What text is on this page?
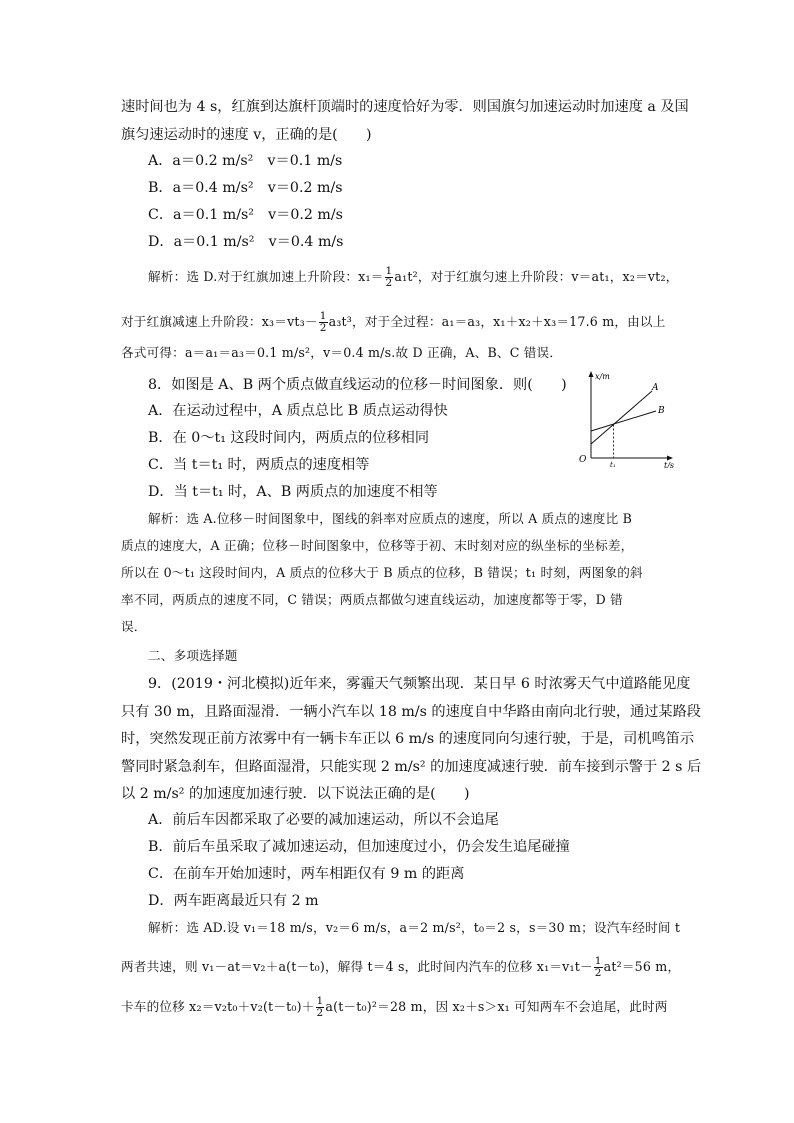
速时间也为 4 s，红旗到达旗杆顶端时的速度恰好为零．则国旗匀加速运动时加速度 a 及国
旗匀速运动时的速度 v，正确的是(　　)
A．a＝0.2 m/s²　v＝0.1 m/s
B．a＝0.4 m/s²　v＝0.2 m/s
C．a＝0.1 m/s²　v＝0.2 m/s
D．a＝0.1 m/s²　v＝0.4 m/s
解析：选 D.对于红旗加速上升阶段：$x_1= \frac{1}{2} a_1t^2$，对于红旗匀速上升阶段：v＝at₁，x₂＝vt₂，
对于红旗减速上升阶段：$x_3=vt_3- \frac{1}{2} a_3t^3$，对于全过程：a₁＝a₃，x₁＋x₂＋x₃＝17.6 m，由以上
各式可得：a＝a₁＝a₃＝0.1 m/s²，v＝0.4 m/s.故 D 正确，A、B、C 错误．
8．如图是 A、B 两个质点做直线运动的位移－时间图象．则(　　)
A．在运动过程中，A 质点总比 B 质点运动得快
B．在 0～t₁ 这段时间内，两质点的位移相同
C．当 t＝t₁ 时，两质点的速度相等
D．当 t＝t₁ 时，A、B 两质点的加速度不相等
x/m
t/s
O	t₁
A
B
解析：选 A.位移－时间图象中，图线的斜率对应质点的速度，所以 A 质点的速度比 B
质点的速度大，A 正确；位移－时间图象中，位移等于初、末时刻对应的纵坐标的坐标差，
所以在 0～t₁ 这段时间内，A 质点的位移大于 B 质点的位移，B 错误；t₁ 时刻，两图象的斜
率不同，两质点的速度不同，C 错误；两质点都做匀速直线运动，加速度都等于零，D 错
误．
二、多项选择题
9．(2019・河北模拟)近年来，雾霾天气频繁出现．某日早 6 时浓雾天气中道路能见度
只有 30 m，且路面湿滑．一辆小汽车以 18 m/s 的速度自中华路由南向北行驶，通过某路段
时，突然发现正前方浓雾中有一辆卡车正以 6 m/s 的速度同向匀速行驶，于是，司机鸣笛示
警同时紧急刹车，但路面湿滑，只能实现 2 m/s² 的加速度减速行驶．前车接到示警于 2 s 后
以 2 m/s² 的加速度加速行驶．以下说法正确的是(　　)
A．前后车因都采取了必要的减加速运动，所以不会追尾
B．前后车虽采取了减加速运动，但加速度过小，仍会发生追尾碰撞
C．在前车开始加速时，两车相距仅有 9 m 的距离
D．两车距离最近只有 2 m
解析：选 AD.设 v₁＝18 m/s，v₂＝6 m/s，a＝2 m/s²，t₀＝2 s，s＝30 m；设汽车经时间 t
两者共速，则 v₁－at＝v₂＋a(t－t₀)，解得 t＝4 s，此时间内汽车的位移 $x_1=v_1t- \frac{1}{2} at^2=56$ m，
卡车的位移 $x_2=v_2t_0+v_2(t-t_0)+ \frac{1}{2} a(t-t_0)^2=28$ m，因 x₂＋s＞x₁ 可知两车不会追尾，此时两
